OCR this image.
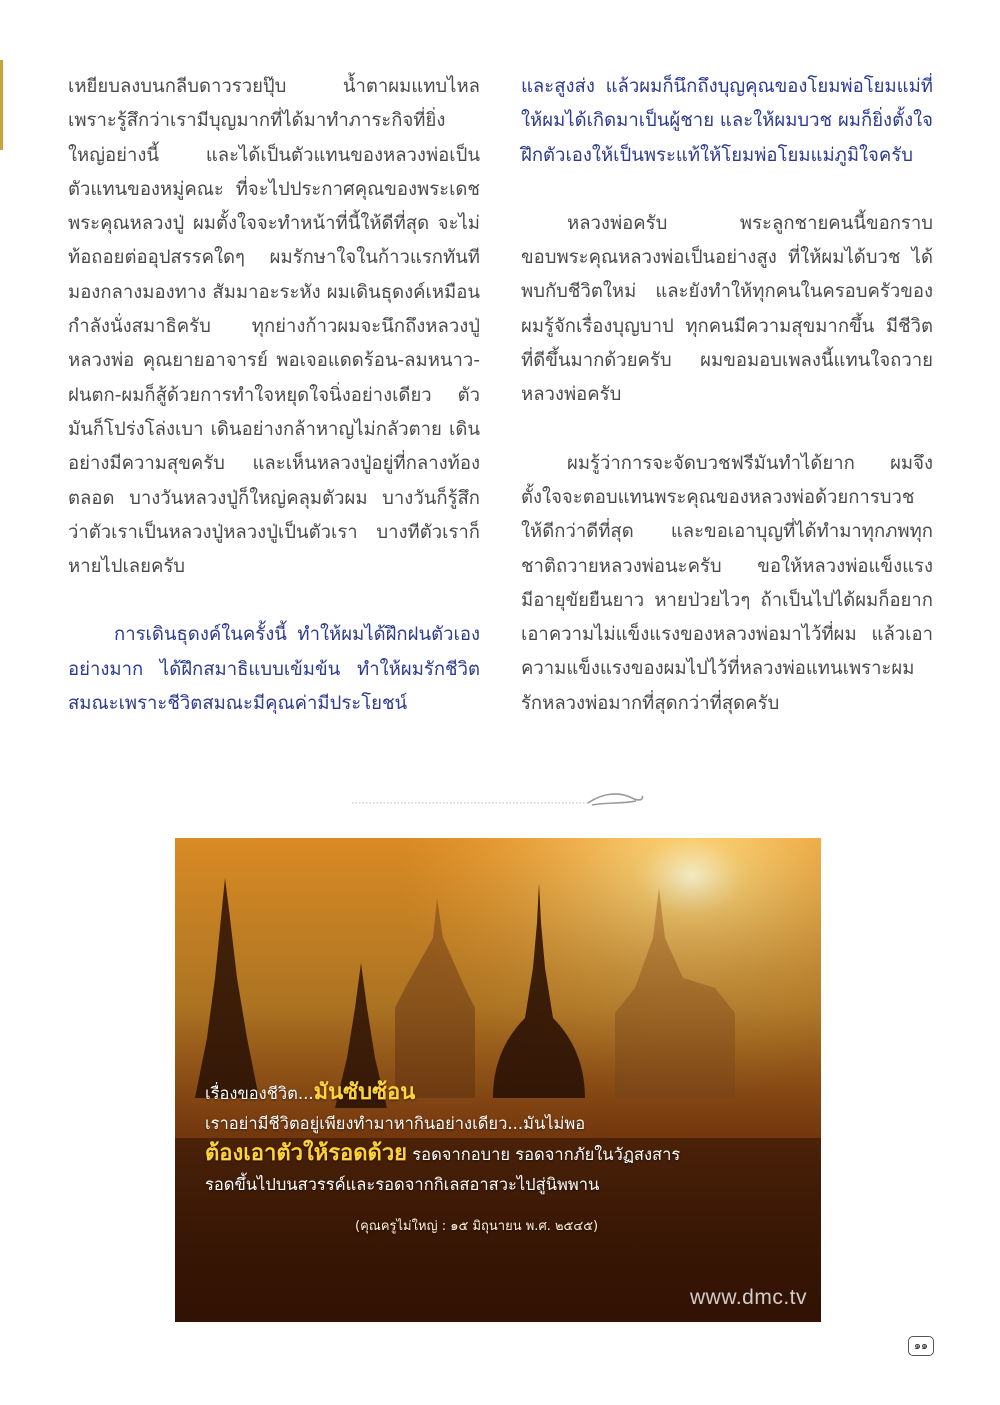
เหยียบลงบนกลีบดาวรวยปุ๊บ น้ำตาผมแทบไหล เพราะรู้สึกว่าเรามีบุญมากที่ได้มาทำภาระกิจที่ยิ่งใหญ่อย่างนี้ และได้เป็นตัวแทนของหลวงพ่อเป็นตัวแทนของหมู่คณะ ที่จะไปประกาศคุณของพระเดชพระคุณหลวงปู่ ผมตั้งใจจะทำหน้าที่นี้ให้ดีที่สุด จะไม่ท้อถอยต่ออุปสรรคใดๆ ผมรักษาใจในก้าวแรกทันที มองกลางมองทาง สัมมาอะระหัง ผมเดินธุดงค์เหมือนกำลังนั่งสมาธิครับ ทุกย่างก้าวผมจะนึกถึงหลวงปู่ หลวงพ่อ คุณยายอาจารย์ พอเจอแดดร้อน-ลมหนาว-ฝนตก-ผมก็สู้ด้วยการทำใจหยุดใจนิ่งอย่างเดียว ตัวมันก็โปร่งโล่งเบา เดินอย่างกล้าหาญไม่กลัวตาย เดินอย่างมีความสุขครับ และเห็นหลวงปู่อยู่ที่กลางท้องตลอด บางวันหลวงปู่ก็ใหญ่คลุมตัวผม บางวันก็รู้สึกว่าตัวเราเป็นหลวงปู่หลวงปู่เป็นตัวเรา บางทีตัวเราก็หายไปเลยครับ

การเดินธุดงค์ในครั้งนี้ ทำให้ผมได้ฝึกฝนตัวเองอย่างมาก ได้ฝึกสมาธิแบบเข้มข้น ทำให้ผมรักชีวิตสมณะเพราะชีวิตสมณะมีคุณค่ามีประโยชน์

และสูงส่ง แล้วผมก็นึกถึงบุญคุณของโยมพ่อโยมแม่ที่ให้ผมได้เกิดมาเป็นผู้ชาย และให้ผมบวช ผมก็ยิ่งตั้งใจฝึกตัวเองให้เป็นพระแท้ให้โยมพ่อโยมแม่ภูมิใจครับ

หลวงพ่อครับ พระลูกชายคนนี้ขอกราบขอบพระคุณหลวงพ่อเป็นอย่างสูง ที่ให้ผมได้บวช ได้พบกับชีวิตใหม่ และยังทำให้ทุกคนในครอบครัวของผมรู้จักเรื่องบุญบาป ทุกคนมีความสุขมากขึ้น มีชีวิตที่ดีขึ้นมากด้วยครับ ผมขอมอบเพลงนี้แทนใจถวายหลวงพ่อครับ

ผมรู้ว่าการจะจัดบวชฟรีมันทำได้ยาก ผมจึงตั้งใจจะตอบแทนพระคุณของหลวงพ่อด้วยการบวชให้ดีกว่าดีที่สุด และขอเอาบุญที่ได้ทำมาทุกภพทุกชาติถวายหลวงพ่อนะครับ ขอให้หลวงพ่อแข็งแรง มีอายุขัยยืนยาว หายป่วยไวๆ ถ้าเป็นไปได้ผมก็อยากเอาความไม่แข็งแรงของหลวงพ่อมาไว้ที่ผม แล้วเอาความแข็งแรงของผมไปไว้ที่หลวงพ่อแทนเพราะผมรักหลวงพ่อมากที่สุดกว่าที่สุดครับ

เรื่องของชีวิต...มันซับซ้อน
เราอย่ามีชีวิตอยู่เพียงทำมาหากินอย่างเดียว...มันไม่พอ
ต้องเอาตัวให้รอดด้วย รอดจากอบาย รอดจากภัยในวัฏสงสาร
รอดขึ้นไปบนสวรรค์และรอดจากกิเลสอาสวะไปสู่นิพพาน
(คุณครูไม่ใหญ่ : ๑๕ มิถุนายน พ.ศ. ๒๕๔๕)
www.dmc.tv
๑๑
